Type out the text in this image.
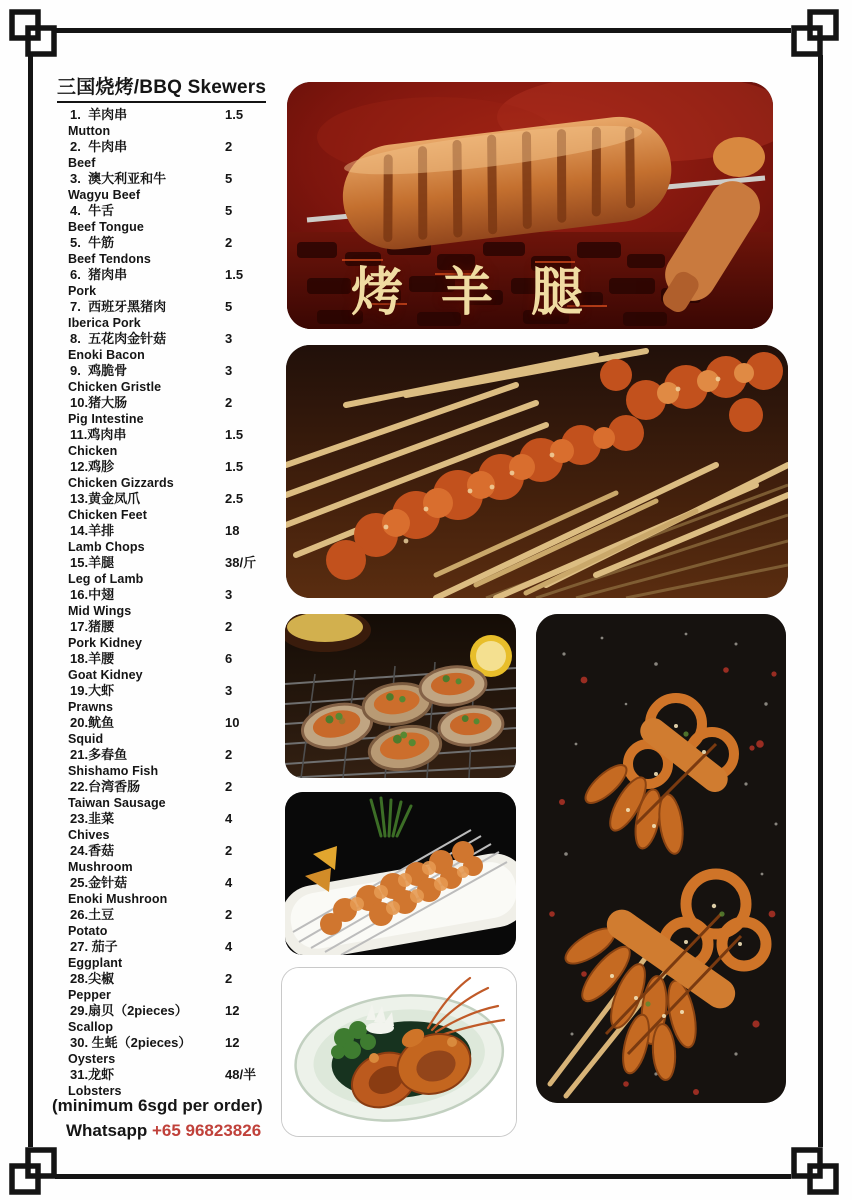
三国烧烤/BBQ Skewers
1.  羊肉串	1.5
Mutton
2.  牛肉串	2
Beef
3.  澳大利亚和牛	5
Wagyu Beef
4.  牛舌	5
Beef Tongue
5.  牛筋	2
Beef Tendons
6.  猪肉串	1.5
Pork
7.  西班牙黑猪肉	5
Iberica Pork
8.  五花肉金针菇	3
Enoki Bacon
9.  鸡脆骨	3
Chicken Gristle
10.猪大肠	2
Pig Intestine
11.鸡肉串	1.5
Chicken
12.鸡胗	1.5
Chicken Gizzards
13.黄金凤爪	2.5
Chicken Feet
14.羊排	18
Lamb Chops
15.羊腿	38/斤
Leg of Lamb
16.中翅	3
Mid Wings
17.猪腰	2
Pork Kidney
18.羊腰	6
Goat Kidney
19.大虾	3
Prawns
20.鱿鱼	10
Squid
21.多春鱼	2
Shishamo Fish
22.台湾香肠	2
Taiwan Sausage
23.韭菜	4
Chives
24.香菇	2
Mushroom
25.金针菇	4
Enoki Mushroon
26.土豆	2
Potato
27. 茄子	4
Eggplant
28.尖椒	2
Pepper
29.扇贝（2pieces）	12
Scallop
30. 生蚝（2pieces）	12
Oysters
31.龙虾	48/半
Lobsters
(minimum 6sgd per order)
Whatsapp +65 96823826
烤羊腿
